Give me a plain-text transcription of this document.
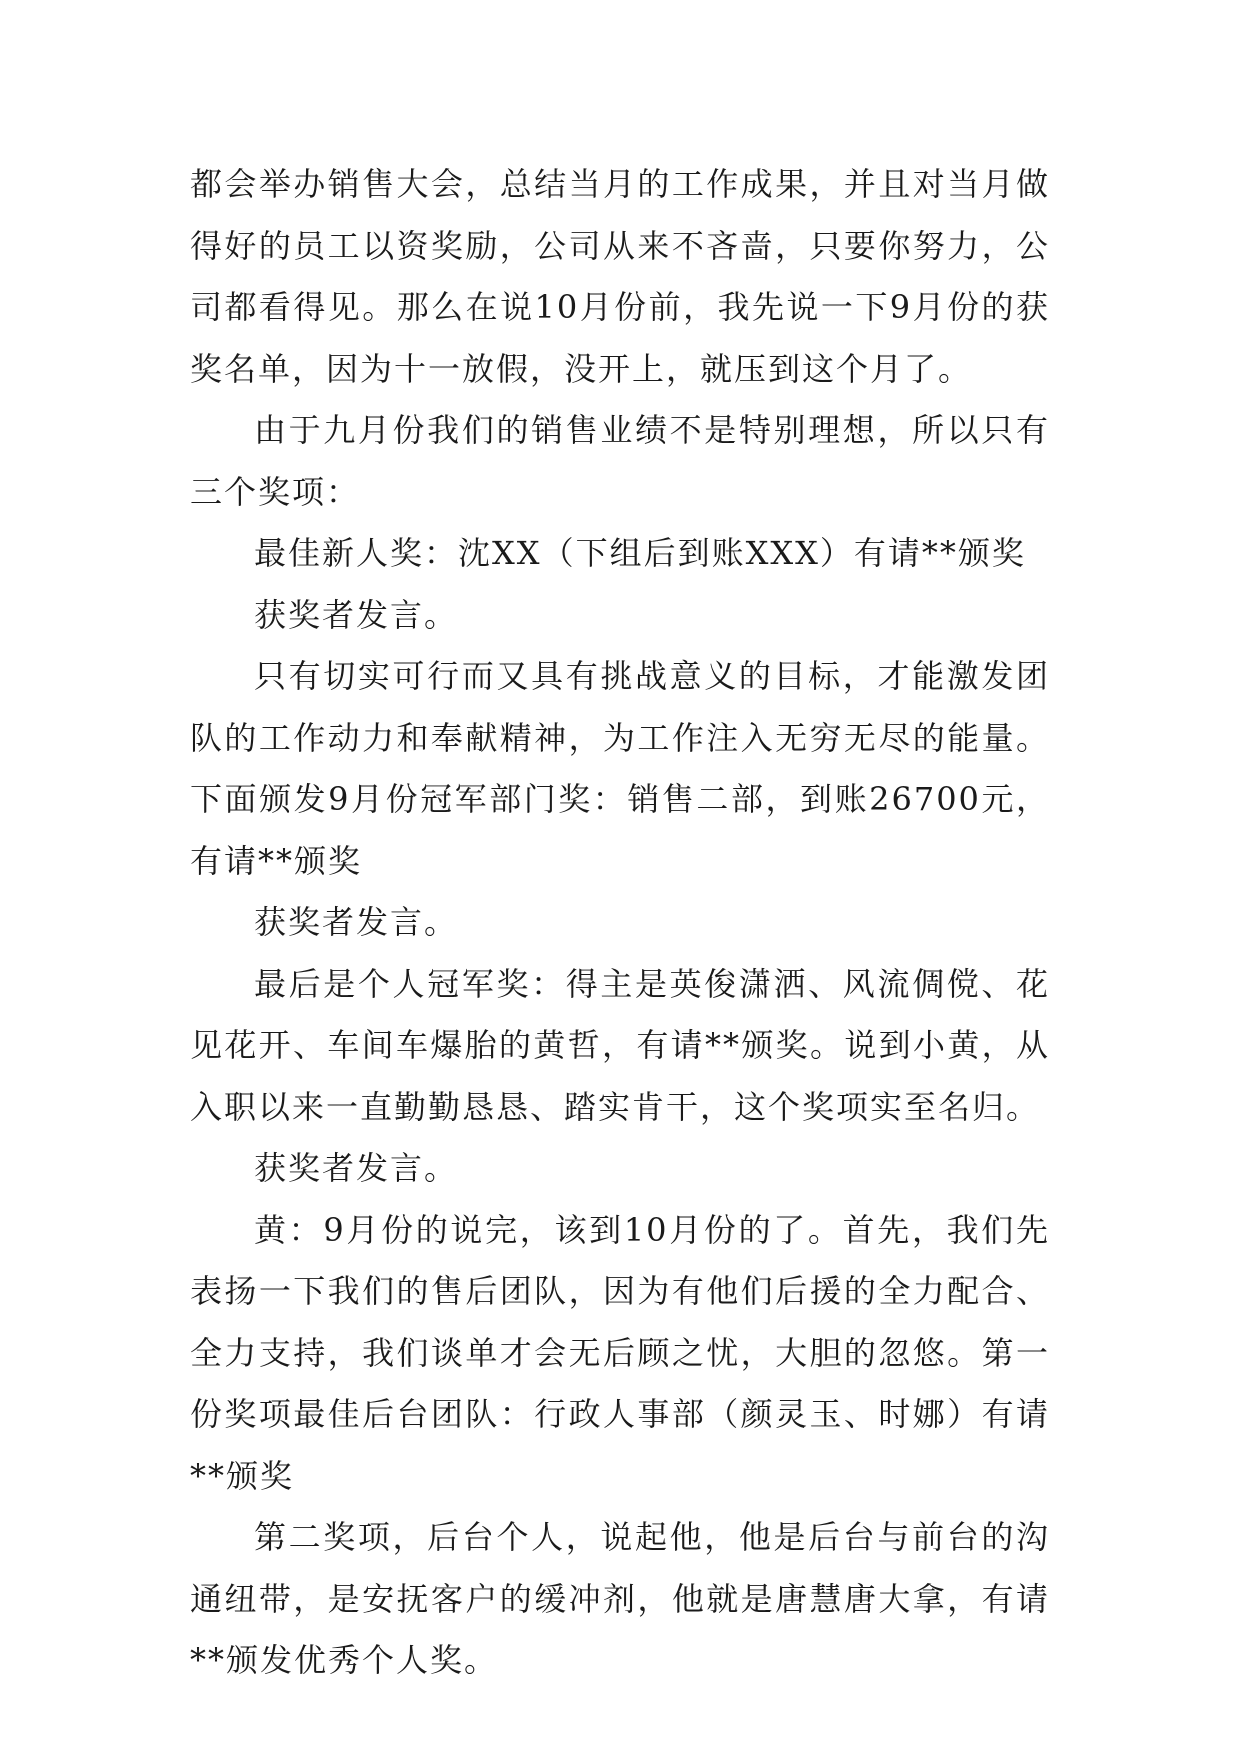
都会举办销售大会，总结当月的工作成果，并且对当月做得好的员工以资奖励，公司从来不吝啬，只要你努力，公司都看得见。那么在说10月份前，我先说一下9月份的获奖名单，因为十一放假，没开上，就压到这个月了。

由于九月份我们的销售业绩不是特别理想，所以只有三个奖项：

最佳新人奖：沈XX（下组后到账XXX）有请**颁奖

获奖者发言。

只有切实可行而又具有挑战意义的目标，才能激发团队的工作动力和奉献精神，为工作注入无穷无尽的能量。下面颁发9月份冠军部门奖：销售二部，到账26700元，有请**颁奖

获奖者发言。

最后是个人冠军奖：得主是英俊潇洒、风流倜傥、花见花开、车间车爆胎的黄哲，有请**颁奖。说到小黄，从入职以来一直勤勤恳恳、踏实肯干，这个奖项实至名归。

获奖者发言。

黄：9月份的说完，该到10月份的了。首先，我们先表扬一下我们的售后团队，因为有他们后援的全力配合、全力支持，我们谈单才会无后顾之忧，大胆的忽悠。第一份奖项最佳后台团队：行政人事部（颜灵玉、时娜）有请**颁奖

第二奖项，后台个人，说起他，他是后台与前台的沟通纽带，是安抚客户的缓冲剂，他就是唐慧唐大拿，有请**颁发优秀个人奖。
